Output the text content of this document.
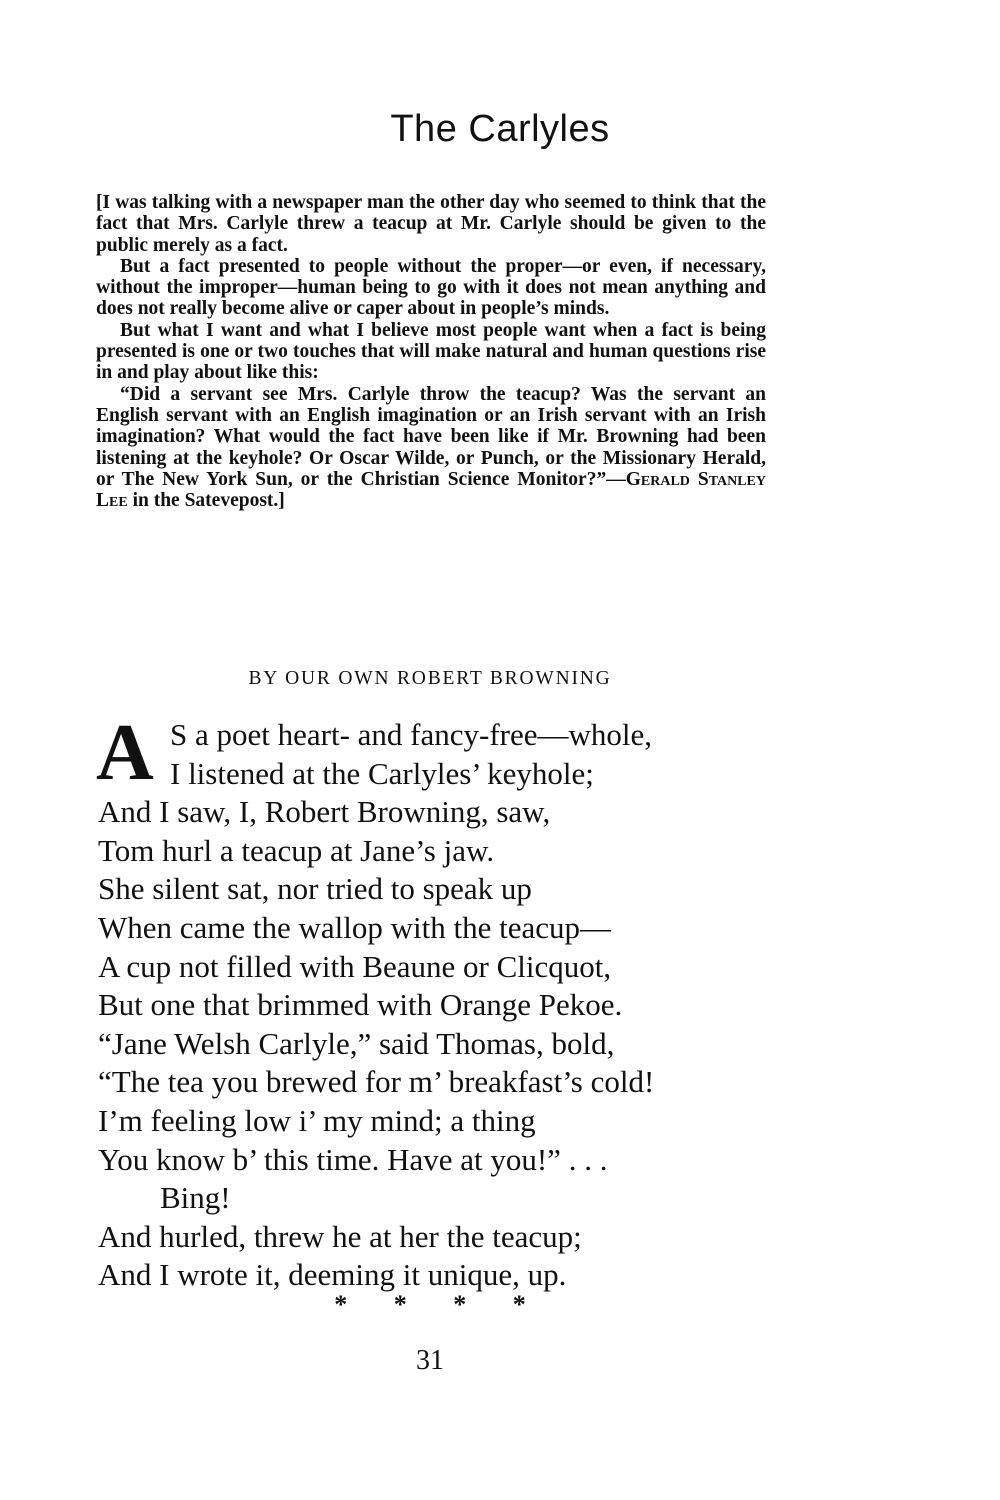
The Carlyles

[I was talking with a newspaper man the other day who seemed to think that the fact that Mrs. Carlyle threw a teacup at Mr. Carlyle should be given to the public merely as a fact.

But a fact presented to people without the proper—or even, if necessary, without the improper—human being to go with it does not mean anything and does not really become alive or caper about in people’s minds.

But what I want and what I believe most people want when a fact is being presented is one or two touches that will make natural and human questions rise in and play about like this:

“Did a servant see Mrs. Carlyle throw the teacup? Was the servant an English servant with an English imagination or an Irish servant with an Irish imagination? What would the fact have been like if Mr. Browning had been listening at the keyhole? Or Oscar Wilde, or Punch, or the Missionary Herald, or The New York Sun, or the Christian Science Monitor?”—Gerald Stanley Lee in the Satevepost.]

BY OUR OWN ROBERT BROWNING

A S a poet heart- and fancy-free—whole,
I listened at the Carlyles’ keyhole;
And I saw, I, Robert Browning, saw,
Tom hurl a teacup at Jane’s jaw.
She silent sat, nor tried to speak up
When came the wallop with the teacup—
A cup not filled with Beaune or Clicquot,
But one that brimmed with Orange Pekoe.
“Jane Welsh Carlyle,” said Thomas, bold,
“The tea you brewed for m’ breakfast’s cold!
I’m feeling low i’ my mind; a thing
You know b’ this time. Have at you!” . . .
Bing!
And hurled, threw he at her the teacup;
And I wrote it, deeming it unique, up.

* * * *

31
